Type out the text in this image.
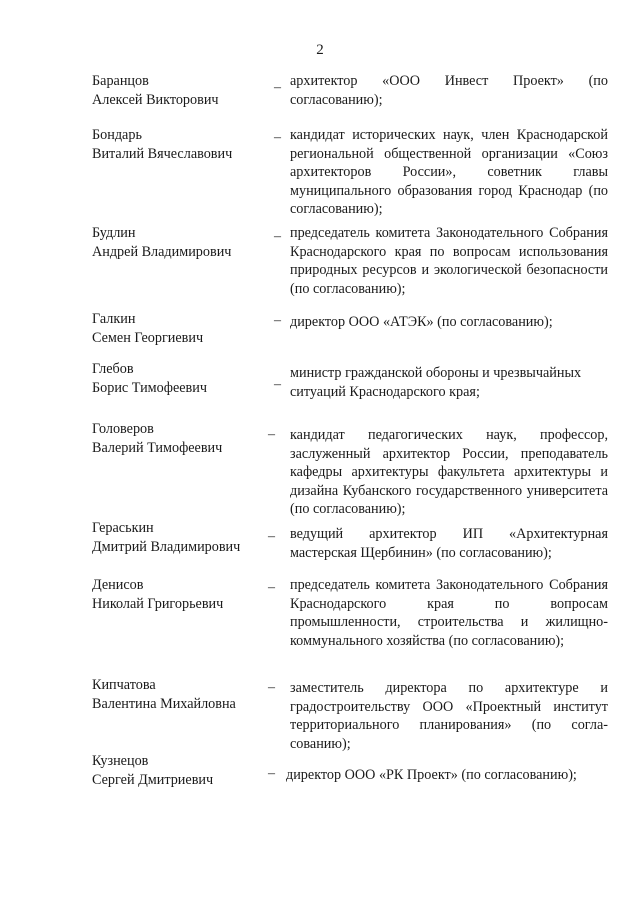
2
Баранцов
Алексей Викторович
– архитектор «ООО Инвест Проект» (по согласованию);
Бондарь
Виталий Вячеславович
– кандидат исторических наук, член Краснодарской региональной общественной организации «Союз архитекторов России», советник главы муниципального образования город Краснодар (по согласованию);
Будлин
Андрей Владимирович
– председатель комитета Законодательного Собрания Краснодарского края по вопросам использования природных ресурсов и экологической безопасности (по согласованию);
Галкин
Семен Георгиевич
– директор ООО «АТЭК» (по согласованию);
Глебов
Борис Тимофеевич	–
министр гражданской обороны и чрезвычайных ситуаций Краснодарского края;
Головеров
Валерий Тимофеевич
– кандидат педагогических наук, профессор, заслуженный архитектор России, преподаватель кафедры архитектуры факультета архитектуры и дизайна Кубанского государственного университета (по согласованию);
Гераськин
Дмитрий Владимирович
– ведущий архитектор ИП «Архитектурная мастерская Щербинин» (по согласованию);
Денисов
Николай Григорьевич
– председатель комитета Законодательного Собрания Краснодарского края по вопросам промышленности, строительства и жилищно-коммунального хозяйства (по согласованию);
Кипчатова
Валентина Михайловна
– заместитель директора по архитектуре и градостроительству ООО «Проектный институт территориального планирования» (по согла-сованию);
Кузнецов
Сергей Дмитриевич	– директор ООО «РК Проект» (по согласованию);
